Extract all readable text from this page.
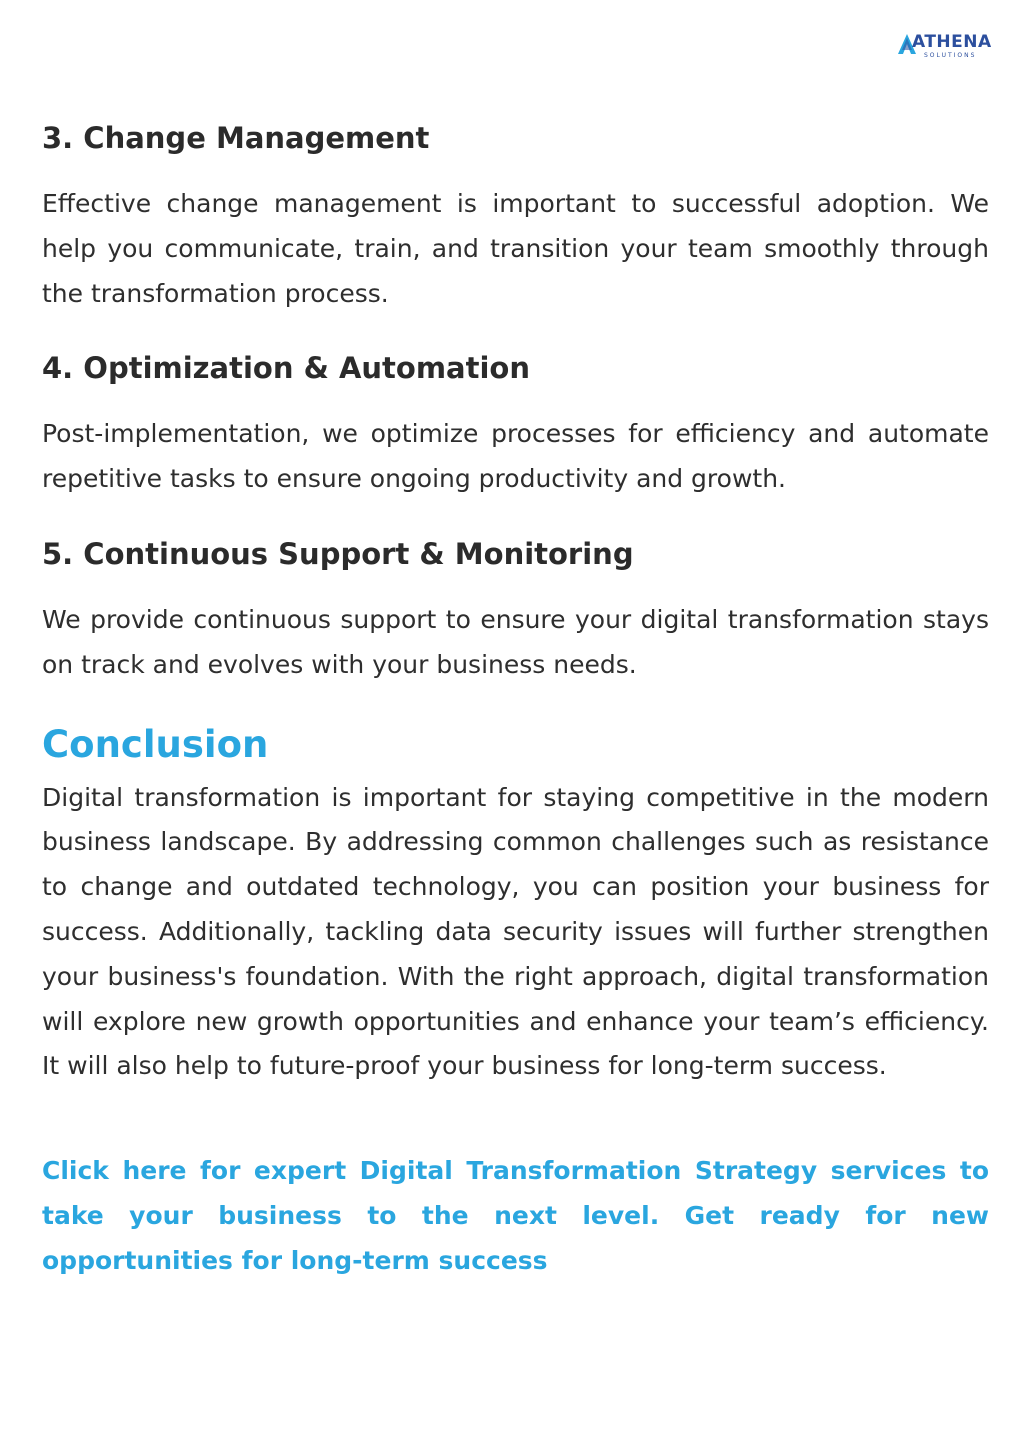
ATHENA
SOLUTIONS
3. Change Management

Effective change management is important to successful adoption. We help you communicate, train, and transition your team smoothly through the transformation process.

4. Optimization & Automation

Post-implementation, we optimize processes for efficiency and automate repetitive tasks to ensure ongoing productivity and growth.

5. Continuous Support & Monitoring

We provide continuous support to ensure your digital transformation stays on track and evolves with your business needs.

Conclusion

Digital transformation is important for staying competitive in the modern business landscape. By addressing common challenges such as resistance to change and outdated technology, you can position your business for success. Additionally, tackling data security issues will further strengthen your business's foundation. With the right approach, digital transformation will explore new growth opportunities and enhance your team’s efficiency. It will also help to future-proof your business for long-term success.

Click here for expert Digital Transformation Strategy services to take your business to the next level. Get ready for new opportunities for long-term success
